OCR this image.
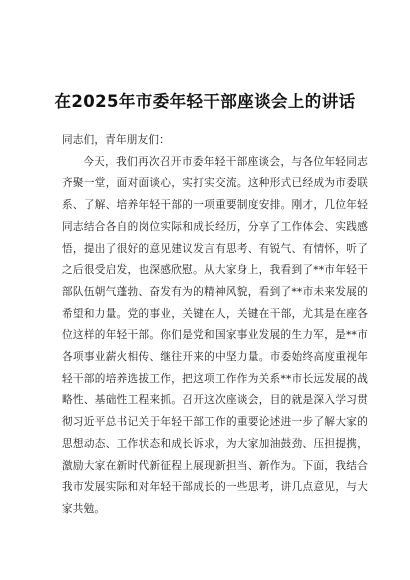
在2025年市委年轻干部座谈会上的讲话

同志们，青年朋友们：

今天，我们再次召开市委年轻干部座谈会，与各位年轻同志齐聚一堂，面对面谈心，实打实交流。这种形式已经成为市委联系、了解、培养年轻干部的一项重要制度安排。刚才，几位年轻同志结合各自的岗位实际和成长经历，分享了工作体会、实践感悟，提出了很好的意见建议发言有思考、有锐气、有情怀，听了之后很受启发，也深感欣慰。从大家身上，我看到了**市年轻干部队伍朝气蓬勃、奋发有为的精神风貌，看到了**市未来发展的希望和力量。党的事业，关键在人，关键在干部，尤其是在座各位这样的年轻干部。你们是党和国家事业发展的生力军，是**市各项事业薪火相传、继往开来的中坚力量。市委始终高度重视年轻干部的培养选拔工作，把这项工作作为关系**市长远发展的战略性、基础性工程来抓。召开这次座谈会，目的就是深入学习贯彻习近平总书记关于年轻干部工作的重要论述进一步了解大家的思想动态、工作状态和成长诉求，为大家加油鼓劲、压担提携，激励大家在新时代新征程上展现新担当、新作为。下面，我结合我市发展实际和对年轻干部成长的一些思考，讲几点意见，与大家共勉。
